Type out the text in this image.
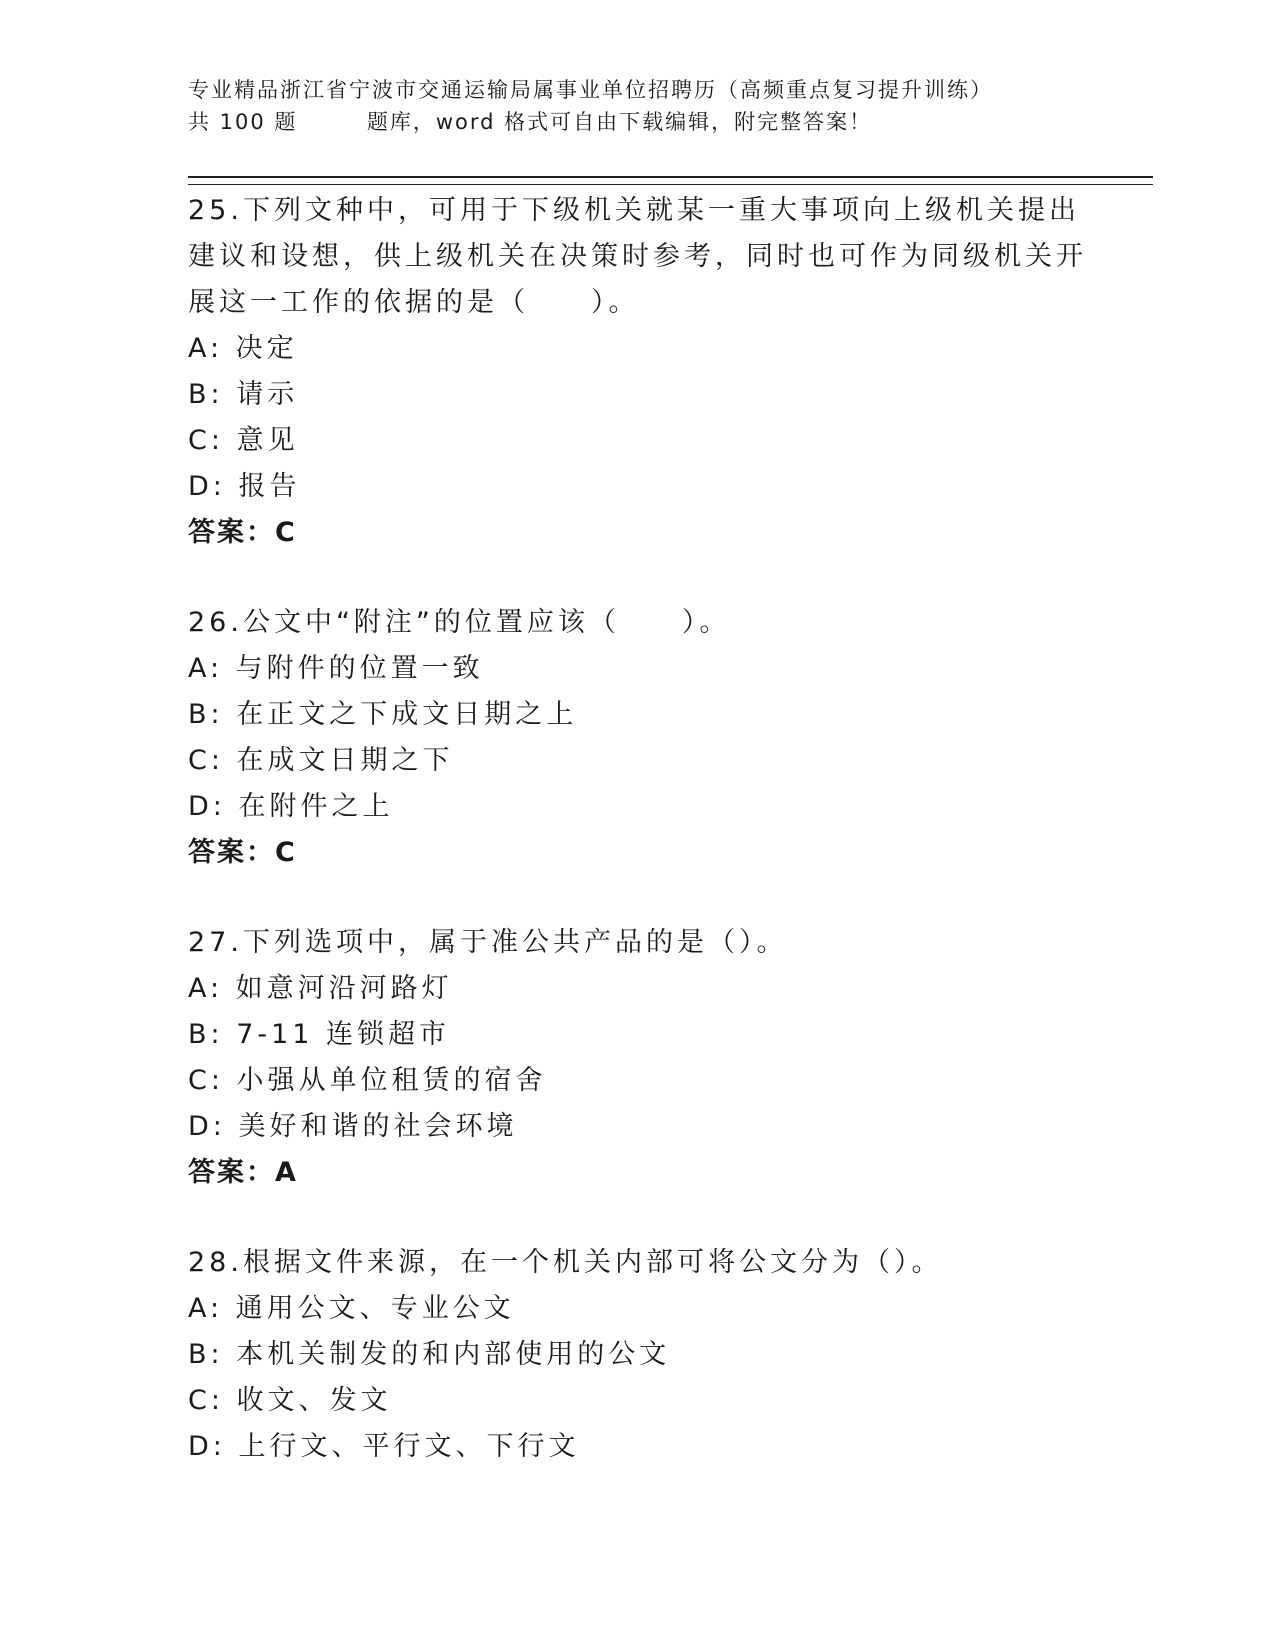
专业精品浙江省宁波市交通运输局属事业单位招聘历（高频重点复习提升训练）
共 100 题        题库，word 格式可自由下载编辑，附完整答案！
25.下列文种中，可用于下级机关就某一重大事项向上级机关提出建议和设想，供上级机关在决策时参考，同时也可作为同级机关开展这一工作的依据的是（　　）。
A: 决定
B: 请示
C: 意见
D: 报告
答案：C
26.公文中“附注”的位置应该（　　）。
A: 与附件的位置一致
B: 在正文之下成文日期之上
C: 在成文日期之下
D: 在附件之上
答案：C
27.下列选项中，属于准公共产品的是（）。
A: 如意河沿河路灯
B: 7-11 连锁超市
C: 小强从单位租赁的宿舍
D: 美好和谐的社会环境
答案：A
28.根据文件来源，在一个机关内部可将公文分为（）。
A: 通用公文、专业公文
B: 本机关制发的和内部使用的公文
C: 收文、发文
D: 上行文、平行文、下行文
